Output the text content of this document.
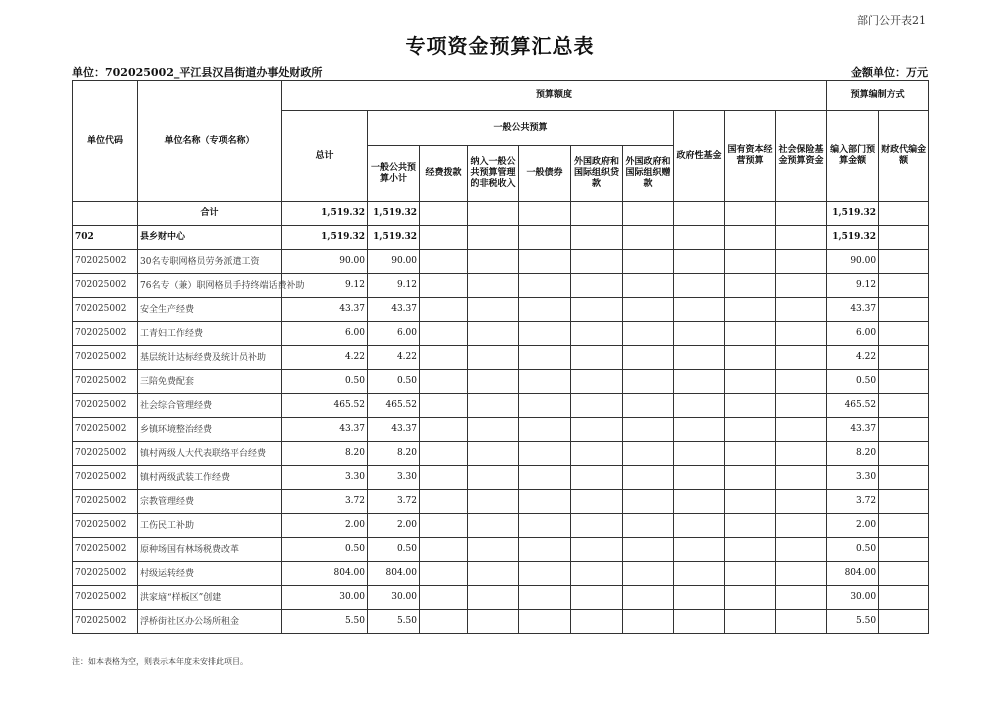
部门公开表21
专项资金预算汇总表
单位：702025002_平江县汉昌街道办事处财政所	金额单位：万元
单位代码	单位名称（专项名称）	预算额度										预算编制方式	
		总计	一般公共预算						政府性基金	国有资本经营预算	社会保险基金预算资金	编入部门预算金额	财政代编金额
			一般公共预算小计	经费拨款	纳入一般公共预算管理的非税收入	一般债券	外国政府和国际组织贷款	外国政府和国际组织赠款					
	合计	1,519.32	1,519.32									1,519.32	
702	县乡财中心	1,519.32	1,519.32									1,519.32	
702025002	30名专职网格员劳务派遣工资	90.00	90.00									90.00	
702025002	76名专（兼）职网格员手持终端话费补助	9.12	9.12									9.12	
702025002	安全生产经费	43.37	43.37									43.37	
702025002	工青妇工作经费	6.00	6.00									6.00	
702025002	基层统计达标经费及统计员补助	4.22	4.22									4.22	
702025002	三陪免费配套	0.50	0.50									0.50	
702025002	社会综合管理经费	465.52	465.52									465.52	
702025002	乡镇环境整治经费	43.37	43.37									43.37	
702025002	镇村两级人大代表联络平台经费	8.20	8.20									8.20	
702025002	镇村两级武装工作经费	3.30	3.30									3.30	
702025002	宗教管理经费	3.72	3.72									3.72	
702025002	工伤民工补助	2.00	2.00									2.00	
702025002	原种场国有林场税费改革	0.50	0.50									0.50	
702025002	村级运转经费	804.00	804.00									804.00	
702025002	洪家垴“样板区”创建	30.00	30.00									30.00	
702025002	浮桥街社区办公场所租金	5.50	5.50									5.50	
注：如本表格为空，则表示本年度未安排此项目。
